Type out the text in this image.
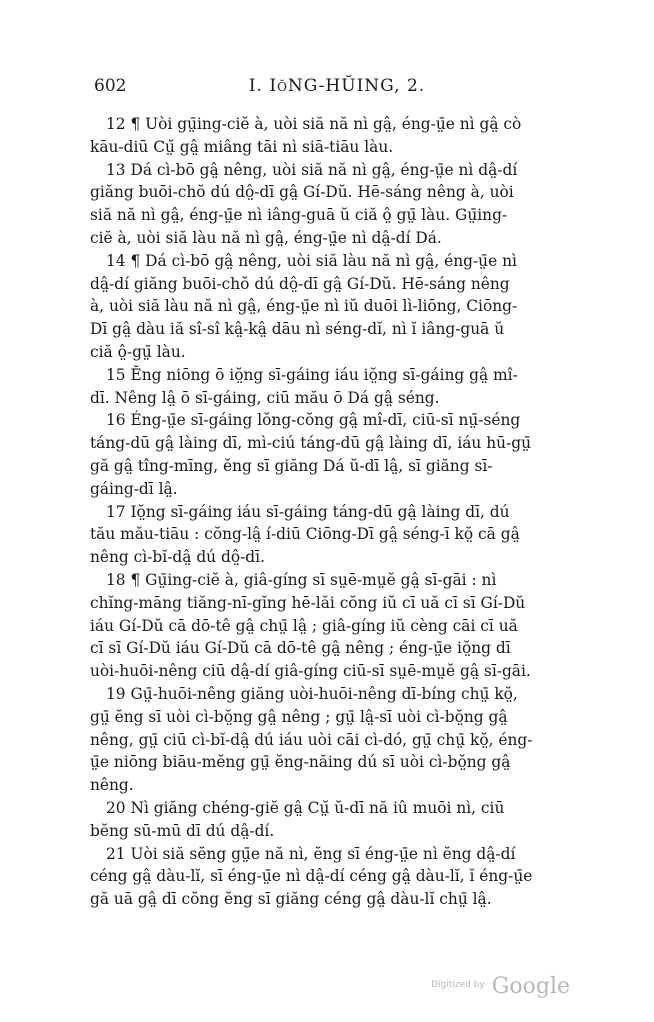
602	I. IŏNG-HŬING, 2.
12 ¶ Uòi gṳ̄ing-ciĕ à, uòi siă nă nì gâ̤, éng-ṳ̄e nì gâ̤ cò
kāu-diū Cṳ̆ gâ̤ miâng tāi nì siā-tiāu làu.
13 Dá cì-bō gâ̤ nêng, uòi siă nă nì gâ̤, éng-ṳ̄e nì dâ̤-dí
giăng buōi-chŏ dú dô̤-dī gâ̤ Gí-Dŭ. Hē-sáng nêng à, uòi
siă nă nì gâ̤, éng-ṳ̄e nì iâng-guā ŭ ciă ô̤ gṳ̄ làu. Gṳ̄ing-
ciĕ à, uòi siă làu nă nì gâ̤, éng-ṳ̄e nì dâ̤-dí Dá.
14 ¶ Dá cì-bō gâ̤ nêng, uòi siă làu nă nì gâ̤, éng-ṳ̄e nì
dâ̤-dí giăng buōi-chŏ dú dô̤-dī gâ̤ Gí-Dŭ. Hē-sáng nêng
à, uòi siă làu nă nì gâ̤, éng-ṳ̄e nì iŭ duōi lì-liōng, Ciōng-
Dī gâ̤ dàu iă sî-sî kâ̤-kâ̤ dāu nì séng-dĭ, nì ĭ iâng-guā ŭ
ciă ô̤-gṳ̄ làu.
15 Ĕng niōng ō iŏ̤ng sī-gáing iáu iŏ̤ng sī-gáing gâ̤ mî-
dī. Nêng lâ̤ ō sī-gáing, ciū mău ō Dá gâ̤ séng.
16 Éng-ṳ̄e sī-gáing lŏng-cŏng gâ̤ mî-dī, ciū-sī nṳ̄-séng
táng-dū gâ̤ làing dī, mì-ciú táng-dū gâ̤ làing dī, iáu hū-gṳ̄
gă gâ̤ tîng-mīng, ĕng sī giăng Dá ŭ-dī lâ̤, sī giăng sī-
gáing-dī lâ̤.
17 Iŏ̤ng sī-gáing iáu sī-gáing táng-dū gâ̤ làing dī, dú
tău mău-tiāu : cŏng-lâ̤ í-diū Ciōng-Dī gâ̤ séng-ī kŏ̤ cā gâ̤
nêng cì-bĭ-dâ̤ dú dô̤-dī.
18 ¶ Gṳ̄ing-ciĕ à, giâ-gíng sī sṳē-mṳĕ gâ̤ sī-gāi : nì
chĭng-māng tiăng-nī-gĭng hē-lăi cŏng iŭ cī uă cī sī Gí-Dŭ
iáu Gí-Dŭ cā dō-tê gâ̤ chṳ̄ lâ̤ ; giâ-gíng iŭ cèng cāi cī uă
cī sī Gí-Dŭ iáu Gí-Dŭ cā dō-tê gâ̤ nêng ; éng-ṳ̄e iŏ̤ng dī
uòi-huōi-nêng ciū dâ̤-dí giâ-gíng ciū-sī sṳē-mṳĕ gâ̤ sī-gāi.
19 Gṳ̄-huōi-nêng giăng uòi-huōi-nêng dī-bíng chṳ̄ kŏ̤,
gṳ̄ ĕng sī uòi cì-bŏ̤ng gâ̤ nêng ; gṳ̄ lâ̤-sī uòi cì-bŏ̤ng gâ̤
nêng, gṳ̄ ciū cì-bĭ-dâ̤ dú iáu uòi cāi cì-dó, gṳ̄ chṳ̄ kŏ̤, éng-
ṳ̄e niōng biāu-mĕng gṳ̄ ĕng-năing dú sī uòi cì-bŏ̤ng gâ̤
nêng.
20 Nì giăng chéng-giĕ gâ̤ Cṳ̆ ŭ-dī nă iû muōi nì, ciū
bĕng sū-mū dī dú dâ̤-dí.
21 Uòi siă sĕng gṳ̄e nă nì, ĕng sī éng-ṳ̄e nì ĕng dâ̤-dí
céng gâ̤ dàu-lĭ, sī éng-ṳ̄e nì dâ̤-dí céng gâ̤ dàu-lĭ, ĭ éng-ṳ̄e
gă uā gâ̤ dī cŏng ĕng sī giăng céng gâ̤ dàu-lĭ chṳ̄ lâ̤.
$^{Digitized by}$ Google
